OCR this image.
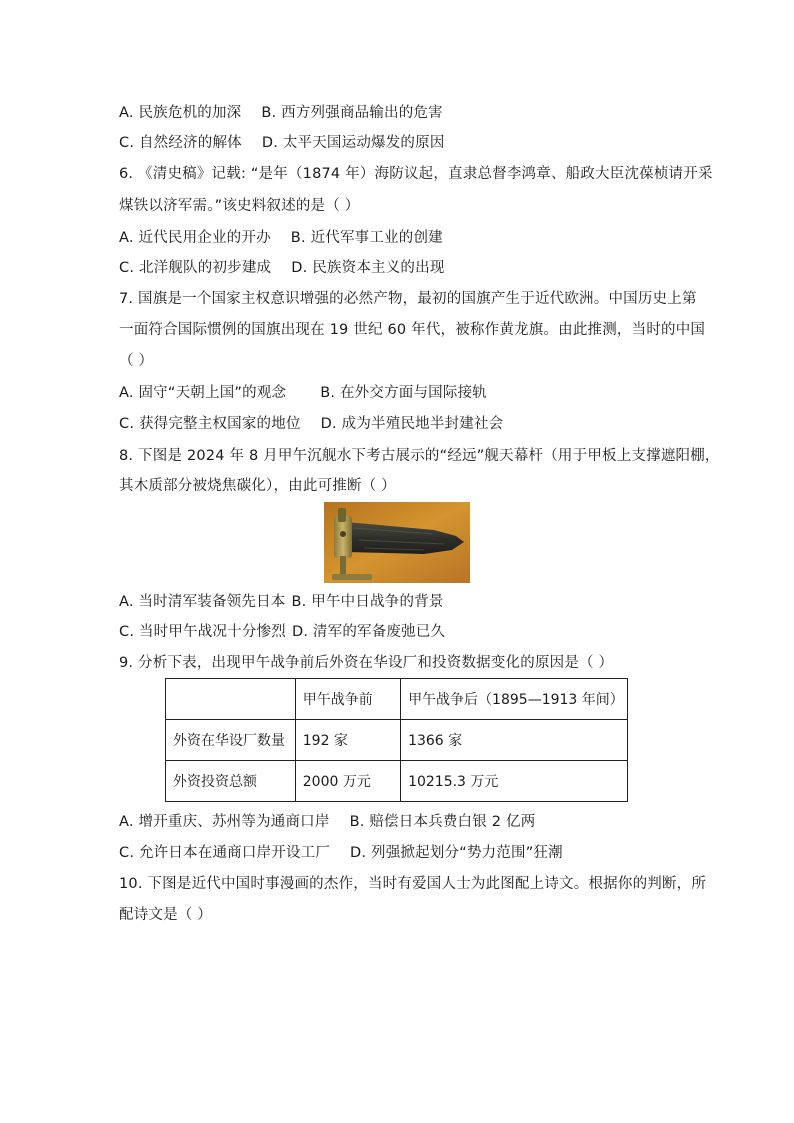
A. 民族危机的加深 B. 西方列强商品输出的危害
C. 自然经济的解体 D. 太平天国运动爆发的原因
6. 《清史稿》记载: “是年（1874 年）海防议起，直隶总督李鸿章、船政大臣沈葆桢请开采
煤铁以济军需。”该史料叙述的是（ ）
A. 近代民用企业的开办 B. 近代军事工业的创建
C. 北洋舰队的初步建成 D. 民族资本主义的出现
7. 国旗是一个国家主权意识增强的必然产物，最初的国旗产生于近代欧洲。中国历史上第
一面符合国际惯例的国旗出现在 19 世纪 60 年代，被称作黄龙旗。由此推测，当时的中国
（ ）
A. 固守“天朝上国”的观念 B. 在外交方面与国际接轨
C. 获得完整主权国家的地位 D. 成为半殖民地半封建社会
8. 下图是 2024 年 8 月甲午沉舰水下考古展示的“经远”舰天幕杆（用于甲板上支撑遮阳棚，
其木质部分被烧焦碳化），由此可推断（ ）
A. 当时清军装备领先日本 B. 甲午中日战争的背景
C. 当时甲午战况十分惨烈 D. 清军的军备废弛已久
9. 分析下表，出现甲午战争前后外资在华设厂和投资数据变化的原因是（ ）
	甲午战争前	甲午战争后（1895—1913 年间）
外资在华设厂数量	192 家	1366 家
外资投资总额	2000 万元	10215.3 万元
A. 增开重庆、苏州等为通商口岸 B. 赔偿日本兵费白银 2 亿两
C. 允许日本在通商口岸开设工厂 D. 列强掀起划分“势力范围”狂潮
10. 下图是近代中国时事漫画的杰作，当时有爱国人士为此图配上诗文。根据你的判断，所
配诗文是（ ）
